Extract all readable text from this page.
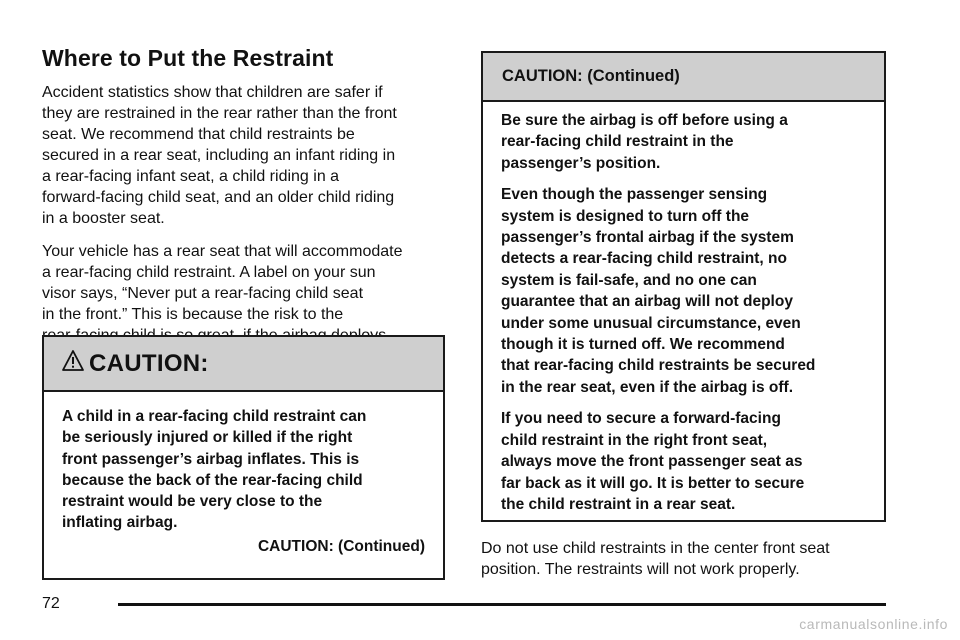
Where to Put the Restraint

Accident statistics show that children are safer if
they are restrained in the rear rather than the front
seat. We recommend that child restraints be
secured in a rear seat, including an infant riding in
a rear-facing infant seat, a child riding in a
forward-facing child seat, and an older child riding
in a booster seat.

Your vehicle has a rear seat that will accommodate
a rear-facing child restraint. A label on your sun
visor says, “Never put a rear-facing child seat
in the front.” This is because the risk to the

CAUTION:
A child in a rear-facing child restraint can
be seriously injured or killed if the right
front passenger’s airbag inflates. This is
because the back of the rear-facing child
restraint would be very close to the
inflating airbag.
CAUTION: (Continued)
CAUTION: (Continued)

Be sure the airbag is off before using a
rear-facing child restraint in the
passenger’s position.

Even though the passenger sensing
system is designed to turn off the
passenger’s frontal airbag if the system
detects a rear-facing child restraint, no
system is fail-safe, and no one can
guarantee that an airbag will not deploy
under some unusual circumstance, even
though it is turned off. We recommend
that rear-facing child restraints be secured
in the rear seat, even if the airbag is off.

If you need to secure a forward-facing
child restraint in the right front seat,
always move the front passenger seat as
far back as it will go. It is better to secure
the child restraint in a rear seat.

Do not use child restraints in the center front seat
position. The restraints will not work properly.
72
carmanualsonline.info
